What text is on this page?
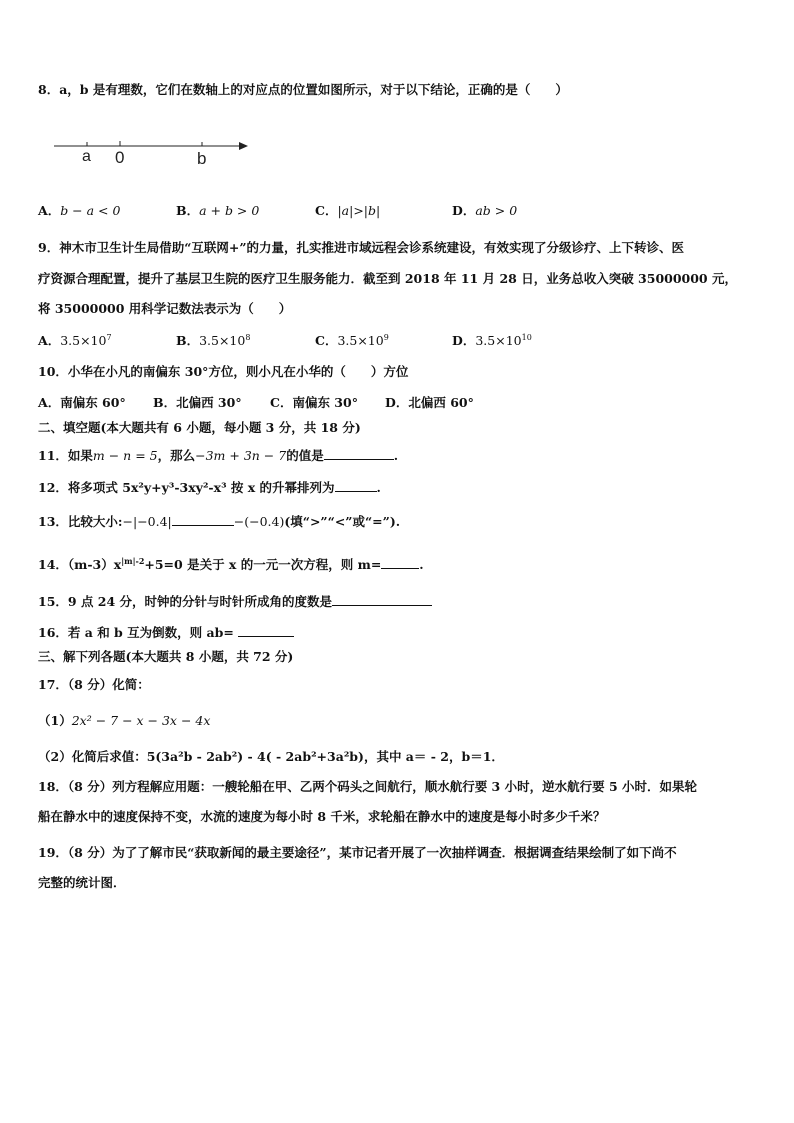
8．a，b 是有理数，它们在数轴上的对应点的位置如图所示，对于以下结论，正确的是（　　）
a 0	b
A．b − a < 0	B．a + b > 0	C．|a|>|b|	D．ab > 0
9．神木市卫生计生局借助“互联网+”的力量，扎实推进市域远程会诊系统建设，有效实现了分级诊疗、上下转诊、医
疗资源合理配置，提升了基层卫生院的医疗卫生服务能力．截至到 2018 年 11 月 28 日，业务总收入突破 35000000 元，
将 35000000 用科学记数法表示为（　　）
A．$3.5\times 10^7$	B．$3.5\times 10^8$	C．$3.5\times 10^9$	D．$3.5\times 10^{10}$
10．小华在小凡的南偏东 30°方位，则小凡在小华的（　　）方位
A．南偏东 60° B．北偏西 30° C．南偏东 30° D．北偏西 60°
二、填空题(本大题共有 6 小题，每小题 3 分，共 18 分)
11．如果m − n = 5，那么−3m + 3n − 7的值是	.
12．将多项式 5x²y+y³-3xy²-x³ 按 x 的升幂排列为	.
13．比较大小:−|−0.4|	−(−0.4)(填“>”“<”或“=”).
14．$(m-3)x^{|m|-2}+5=0$ 是关于 x 的一元一次方程，则 m=	.
15．9 点 24 分，时钟的分针与时针所成角的度数是
16．若 a 和 b 互为倒数，则 ab=
三、解下列各题(本大题共 8 小题，共 72 分)
17．（8 分）化简：
（1）2x² − 7 − x − 3x − 4x
（2）化简后求值：5(3a²b - 2ab²) - 4( - 2ab²+3a²b)，其中 a＝ - 2，b＝1．
18．（8 分）列方程解应用题：一艘轮船在甲、乙两个码头之间航行，顺水航行要 3 小时，逆水航行要 5 小时．如果轮
船在静水中的速度保持不变，水流的速度为每小时 8 千米，求轮船在静水中的速度是每小时多少千米？
19．（8 分）为了了解市民“获取新闻的最主要途径”，某市记者开展了一次抽样调查．根据调查结果绘制了如下尚不
完整的统计图．
